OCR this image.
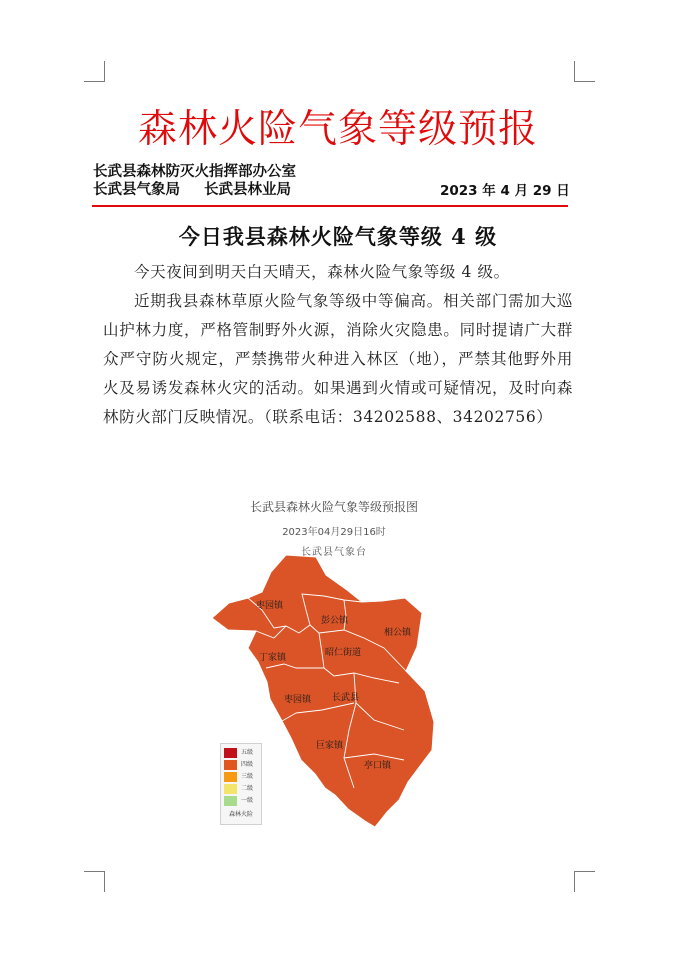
森林火险气象等级预报
长武县森林防灭火指挥部办公室
长武县气象局 长武县林业局	2023 年 4 月 29 日
今日我县森林火险气象等级 4 级
今天夜间到明天白天晴天，森林火险气象等级 4 级。
近期我县森林草原火险气象等级中等偏高。相关部门需加大巡山护林力度，严格管制野外火源，消除火灾隐患。同时提请广大群众严守防火规定，严禁携带火种进入林区（地），严禁其他野外用火及易诱发森林火灾的活动。如果遇到火情或可疑情况，及时向森林防火部门反映情况。（联系电话：34202588、34202756）
长武县森林火险气象等级预报图
2023年04月29日16时
长武县气象台
枣园镇
彭公镇
相公镇
丁家镇	昭仁街道
枣园镇 长武县
巨家镇
亭口镇
五级
四级
三级
二级
一级
森林火险
